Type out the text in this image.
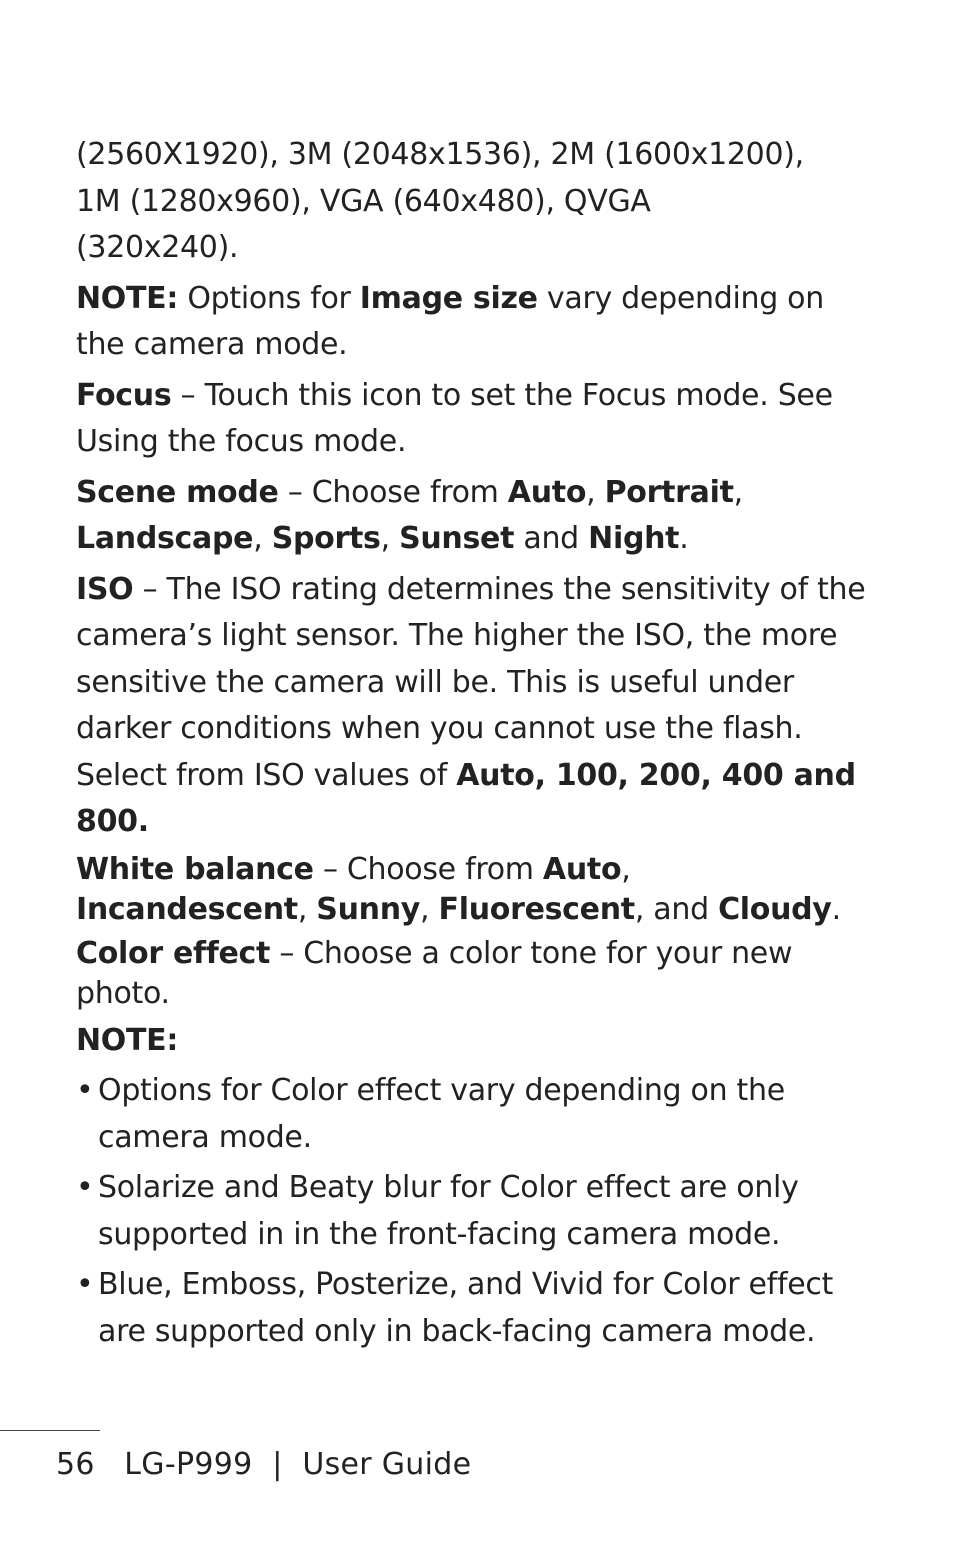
(2560X1920), 3M (2048x1536), 2M (1600x1200),
1M (1280x960), VGA (640x480), QVGA
(320x240).

NOTE: Options for Image size vary depending on the camera mode.

Focus – Touch this icon to set the Focus mode. See Using the focus mode.

Scene mode – Choose from Auto, Portrait, Landscape, Sports, Sunset and Night.

ISO – The ISO rating determines the sensitivity of the camera’s light sensor. The higher the ISO, the more sensitive the camera will be. This is useful under darker conditions when you cannot use the flash. Select from ISO values of Auto, 100, 200, 400 and 800.

White balance – Choose from Auto, Incandescent, Sunny, Fluorescent, and Cloudy.

Color effect – Choose a color tone for your new photo.

NOTE:

• Options for Color effect vary depending on the camera mode.
• Solarize and Beaty blur for Color effect are only supported in in the front-facing camera mode.
• Blue, Emboss, Posterize, and Vivid for Color effect are supported only in back-facing camera mode.
56 LG-P999 | User Guide
